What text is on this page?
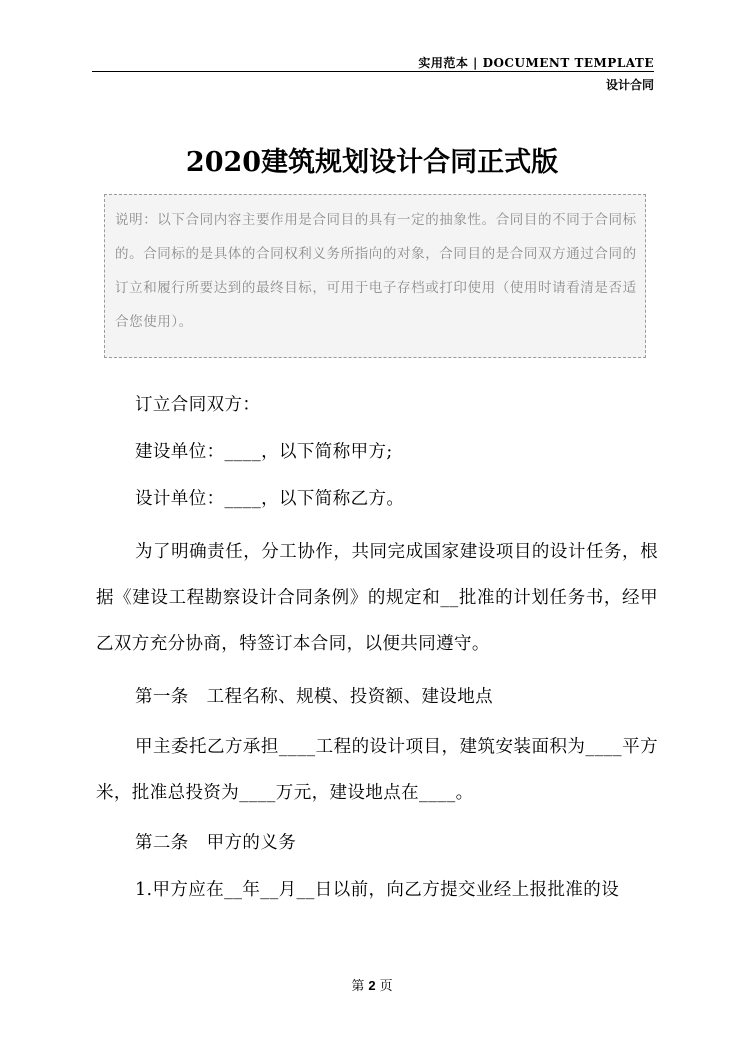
实用范本 | DOCUMENT TEMPLATE
设计合同
2020建筑规划设计合同正式版
说明：以下合同内容主要作用是合同目的具有一定的抽象性。合同目的不同于合同标的。合同标的是具体的合同权利义务所指向的对象，合同目的是合同双方通过合同的订立和履行所要达到的最终目标，可用于电子存档或打印使用（使用时请看清是否适合您使用）。
订立合同双方：
建设单位：____，以下简称甲方;
设计单位：____，以下简称乙方。
为了明确责任，分工协作，共同完成国家建设项目的设计任务，根据《建设工程勘察设计合同条例》的规定和__批准的计划任务书，经甲乙双方充分协商，特签订本合同，以便共同遵守。
第一条　工程名称、规模、投资额、建设地点
甲主委托乙方承担____工程的设计项目，建筑安装面积为____平方米，批准总投资为____万元，建设地点在____。
第二条　甲方的义务
1.甲方应在__年__月__日以前，向乙方提交业经上报批准的设
第 2 页
